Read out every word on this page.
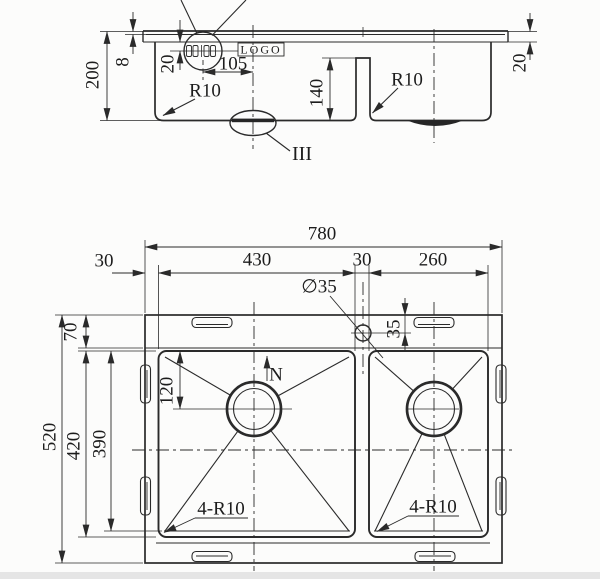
LOGO
III
8
200	20 105
R10
R10
140
20
∅35
N
780
30	430	30 260
35
520 420 390
70
120
4-R10	4-R10
